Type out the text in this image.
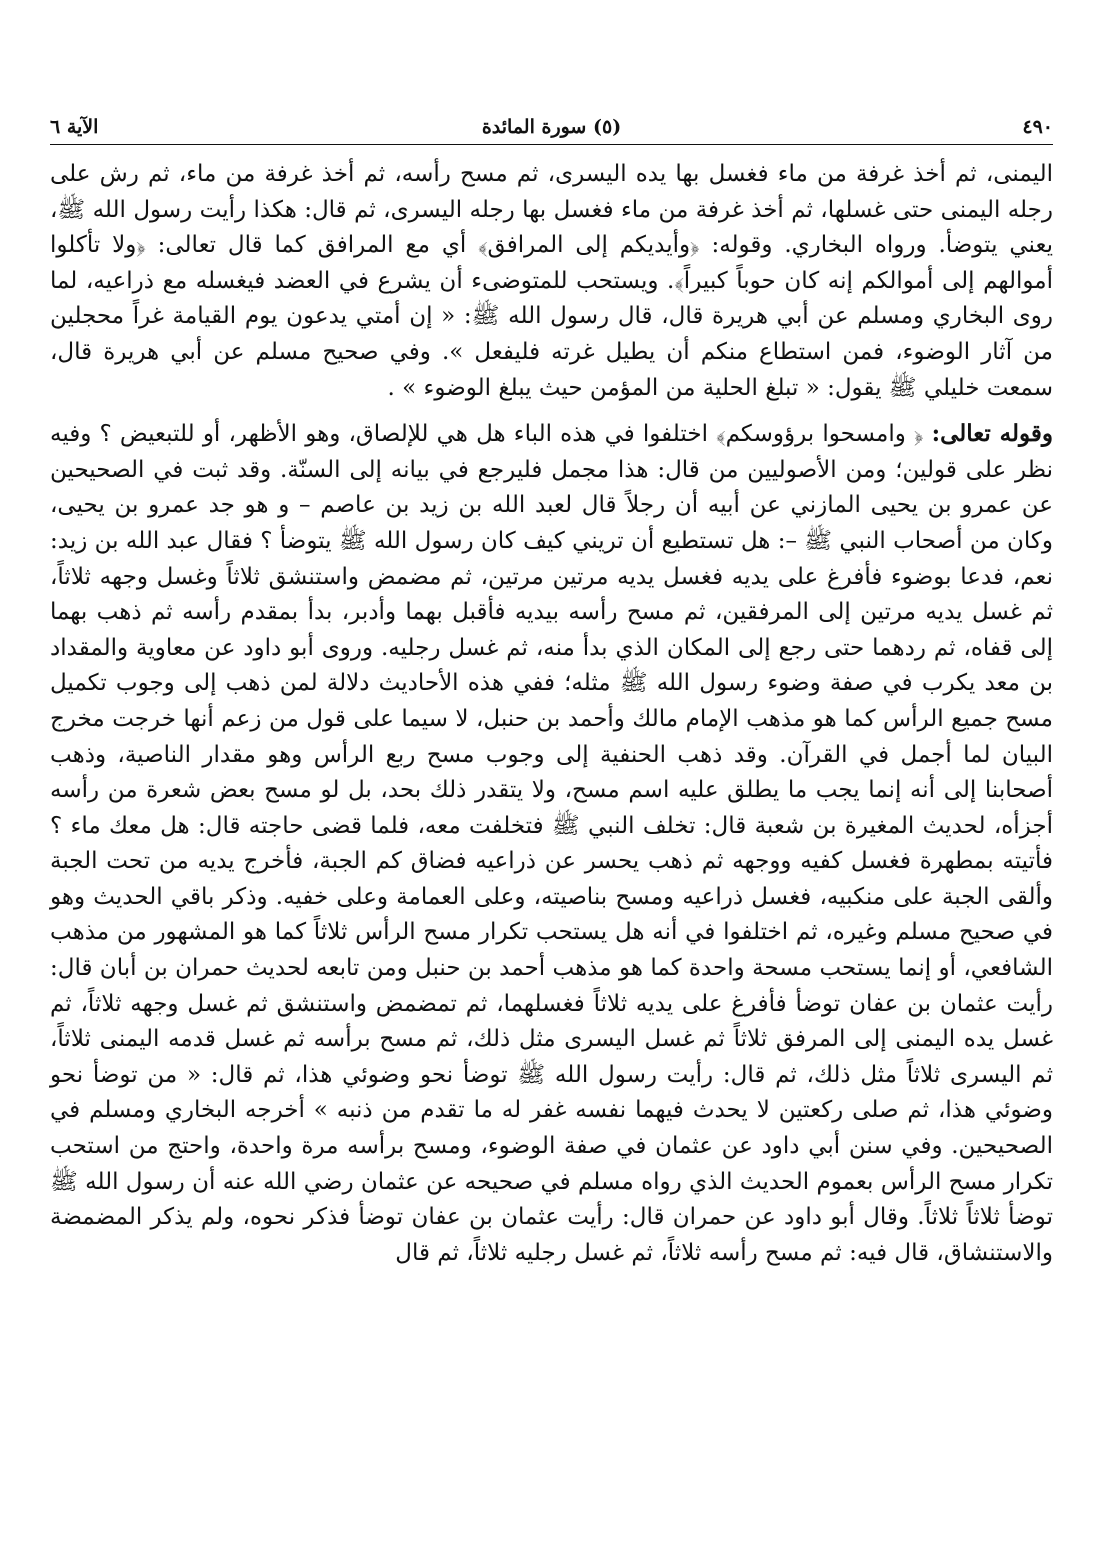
٤٩٠
(٥) سورة المائدة
الآية ٦

اليمنى، ثم أخذ غرفة من ماء فغسل بها يده اليسرى، ثم مسح رأسه، ثم أخذ غرفة من ماء، ثم رش على رجله اليمنى حتى غسلها، ثم أخذ غرفة من ماء فغسل بها رجله اليسرى، ثم قال: هكذا رأيت رسول الله ﷺ، يعني يتوضأ. ورواه البخاري. وقوله: ﴿وأيديكم إلى المرافق﴾ أي مع المرافق كما قال تعالى: ﴿ولا تأكلوا أموالهم إلى أموالكم إنه كان حوباً كبيراً﴾. ويستحب للمتوضىء أن يشرع في العضد فيغسله مع ذراعيه، لما روى البخاري ومسلم عن أبي هريرة قال، قال رسول الله ﷺ: « إن أمتي يدعون يوم القيامة غراً محجلين من آثار الوضوء، فمن استطاع منكم أن يطيل غرته فليفعل ». وفي صحيح مسلم عن أبي هريرة قال، سمعت خليلي ﷺ يقول: « تبلغ الحلية من المؤمن حيث يبلغ الوضوء » .

وقوله تعالى: ﴿ وامسحوا برؤوسكم﴾ اختلفوا في هذه الباء هل هي للإلصاق، وهو الأظهر، أو للتبعيض ؟ وفيه نظر على قولين؛ ومن الأصوليين من قال: هذا مجمل فليرجع في بيانه إلى السنّة. وقد ثبت في الصحيحين عن عمرو بن يحيى المازني عن أبيه أن رجلاً قال لعبد الله بن زيد بن عاصم – و هو جد عمرو بن يحيى، وكان من أصحاب النبي ﷺ –: هل تستطيع أن تريني كيف كان رسول الله ﷺ يتوضأ ؟ فقال عبد الله بن زيد: نعم، فدعا بوضوء فأفرغ على يديه فغسل يديه مرتين مرتين، ثم مضمض واستنشق ثلاثاً وغسل وجهه ثلاثاً، ثم غسل يديه مرتين إلى المرفقين، ثم مسح رأسه بيديه فأقبل بهما وأدبر، بدأ بمقدم رأسه ثم ذهب بهما إلى قفاه، ثم ردهما حتى رجع إلى المكان الذي بدأ منه، ثم غسل رجليه. وروى أبو داود عن معاوية والمقداد بن معد يكرب في صفة وضوء رسول الله ﷺ مثله؛ ففي هذه الأحاديث دلالة لمن ذهب إلى وجوب تكميل مسح جميع الرأس كما هو مذهب الإمام مالك وأحمد بن حنبل، لا سيما على قول من زعم أنها خرجت مخرج البيان لما أجمل في القرآن. وقد ذهب الحنفية إلى وجوب مسح ربع الرأس وهو مقدار الناصية، وذهب أصحابنا إلى أنه إنما يجب ما يطلق عليه اسم مسح، ولا يتقدر ذلك بحد، بل لو مسح بعض شعرة من رأسه أجزأه، لحديث المغيرة بن شعبة قال: تخلف النبي ﷺ فتخلفت معه، فلما قضى حاجته قال: هل معك ماء ؟ فأتيته بمطهرة فغسل كفيه ووجهه ثم ذهب يحسر عن ذراعيه فضاق كم الجبة، فأخرج يديه من تحت الجبة وألقى الجبة على منكبيه، فغسل ذراعيه ومسح بناصيته، وعلى العمامة وعلى خفيه. وذكر باقي الحديث وهو في صحيح مسلم وغيره، ثم اختلفوا في أنه هل يستحب تكرار مسح الرأس ثلاثاً كما هو المشهور من مذهب الشافعي، أو إنما يستحب مسحة واحدة كما هو مذهب أحمد بن حنبل ومن تابعه لحديث حمران بن أبان قال: رأيت عثمان بن عفان توضأ فأفرغ على يديه ثلاثاً فغسلهما، ثم تمضمض واستنشق ثم غسل وجهه ثلاثاً، ثم غسل يده اليمنى إلى المرفق ثلاثاً ثم غسل اليسرى مثل ذلك، ثم مسح برأسه ثم غسل قدمه اليمنى ثلاثاً، ثم اليسرى ثلاثاً مثل ذلك، ثم قال: رأيت رسول الله ﷺ توضأ نحو وضوئي هذا، ثم قال: « من توضأ نحو وضوئي هذا، ثم صلى ركعتين لا يحدث فيهما نفسه غفر له ما تقدم من ذنبه » أخرجه البخاري ومسلم في الصحيحين. وفي سنن أبي داود عن عثمان في صفة الوضوء، ومسح برأسه مرة واحدة، واحتج من استحب تكرار مسح الرأس بعموم الحديث الذي رواه مسلم في صحيحه عن عثمان رضي الله عنه أن رسول الله ﷺ توضأ ثلاثاً ثلاثاً. وقال أبو داود عن حمران قال: رأيت عثمان بن عفان توضأ فذكر نحوه، ولم يذكر المضمضة والاستنشاق، قال فيه: ثم مسح رأسه ثلاثاً، ثم غسل رجليه ثلاثاً، ثم قال
